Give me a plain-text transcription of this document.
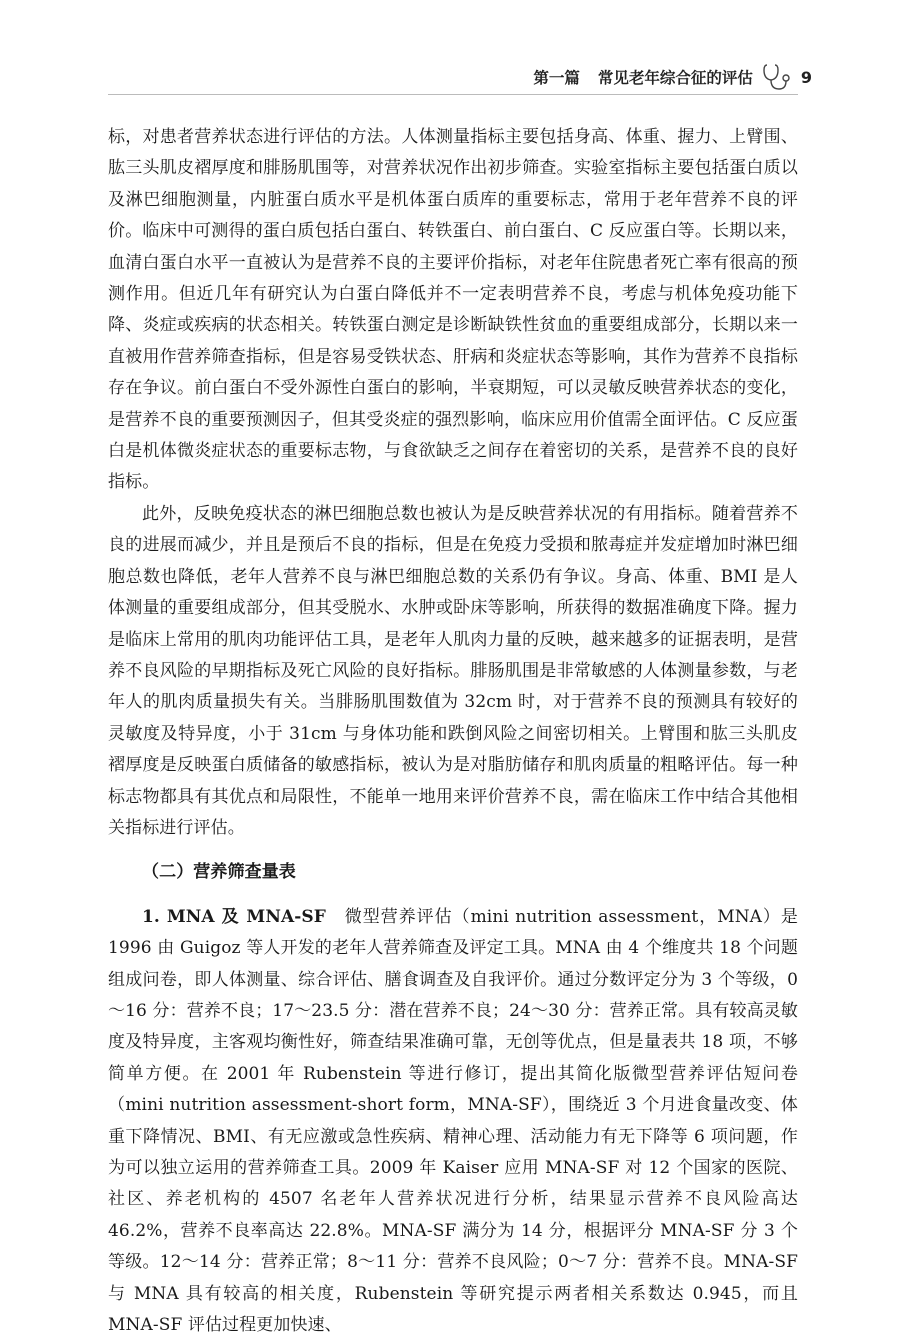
第一篇 常见老年综合征的评估	9

标，对患者营养状态进行评估的方法。人体测量指标主要包括身高、体重、握力、上臂围、肱三头肌皮褶厚度和腓肠肌围等，对营养状况作出初步筛查。实验室指标主要包括蛋白质以及淋巴细胞测量，内脏蛋白质水平是机体蛋白质库的重要标志，常用于老年营养不良的评价。临床中可测得的蛋白质包括白蛋白、转铁蛋白、前白蛋白、C 反应蛋白等。长期以来，血清白蛋白水平一直被认为是营养不良的主要评价指标，对老年住院患者死亡率有很高的预测作用。但近几年有研究认为白蛋白降低并不一定表明营养不良，考虑与机体免疫功能下降、炎症或疾病的状态相关。转铁蛋白测定是诊断缺铁性贫血的重要组成部分，长期以来一直被用作营养筛查指标，但是容易受铁状态、肝病和炎症状态等影响，其作为营养不良指标存在争议。前白蛋白不受外源性白蛋白的影响，半衰期短，可以灵敏反映营养状态的变化，是营养不良的重要预测因子，但其受炎症的强烈影响，临床应用价值需全面评估。C 反应蛋白是机体微炎症状态的重要标志物，与食欲缺乏之间存在着密切的关系，是营养不良的良好指标。

此外，反映免疫状态的淋巴细胞总数也被认为是反映营养状况的有用指标。随着营养不良的进展而减少，并且是预后不良的指标，但是在免疫力受损和脓毒症并发症增加时淋巴细胞总数也降低，老年人营养不良与淋巴细胞总数的关系仍有争议。身高、体重、BMI 是人体测量的重要组成部分，但其受脱水、水肿或卧床等影响，所获得的数据准确度下降。握力是临床上常用的肌肉功能评估工具，是老年人肌肉力量的反映，越来越多的证据表明，是营养不良风险的早期指标及死亡风险的良好指标。腓肠肌围是非常敏感的人体测量参数，与老年人的肌肉质量损失有关。当腓肠肌围数值为 32cm 时，对于营养不良的预测具有较好的灵敏度及特异度，小于 31cm 与身体功能和跌倒风险之间密切相关。上臂围和肱三头肌皮褶厚度是反映蛋白质储备的敏感指标，被认为是对脂肪储存和肌肉质量的粗略评估。每一种标志物都具有其优点和局限性，不能单一地用来评价营养不良，需在临床工作中结合其他相关指标进行评估。

（二）营养筛查量表

1. MNA 及 MNA-SF　微型营养评估（mini nutrition assessment，MNA）是 1996 由 Guigoz 等人开发的老年人营养筛查及评定工具。MNA 由 4 个维度共 18 个问题组成问卷，即人体测量、综合评估、膳食调查及自我评价。通过分数评定分为 3 个等级，0～16 分：营养不良；17～23.5 分：潜在营养不良；24～30 分：营养正常。具有较高灵敏度及特异度，主客观均衡性好，筛查结果准确可靠，无创等优点，但是量表共 18 项，不够简单方便。在 2001 年 Rubenstein 等进行修订，提出其简化版微型营养评估短问卷（mini nutrition assessment-short form，MNA-SF），围绕近 3 个月进食量改变、体重下降情况、BMI、有无应激或急性疾病、精神心理、活动能力有无下降等 6 项问题，作为可以独立运用的营养筛查工具。2009 年 Kaiser 应用 MNA-SF 对 12 个国家的医院、社区、养老机构的 4507 名老年人营养状况进行分析，结果显示营养不良风险高达 46.2%，营养不良率高达 22.8%。MNA-SF 满分为 14 分，根据评分 MNA-SF 分 3 个等级。12～14 分：营养正常；8～11 分：营养不良风险；0～7 分：营养不良。MNA-SF 与 MNA 具有较高的相关度，Rubenstein 等研究提示两者相关系数达 0.945，而且 MNA-SF 评估过程更加快速、
